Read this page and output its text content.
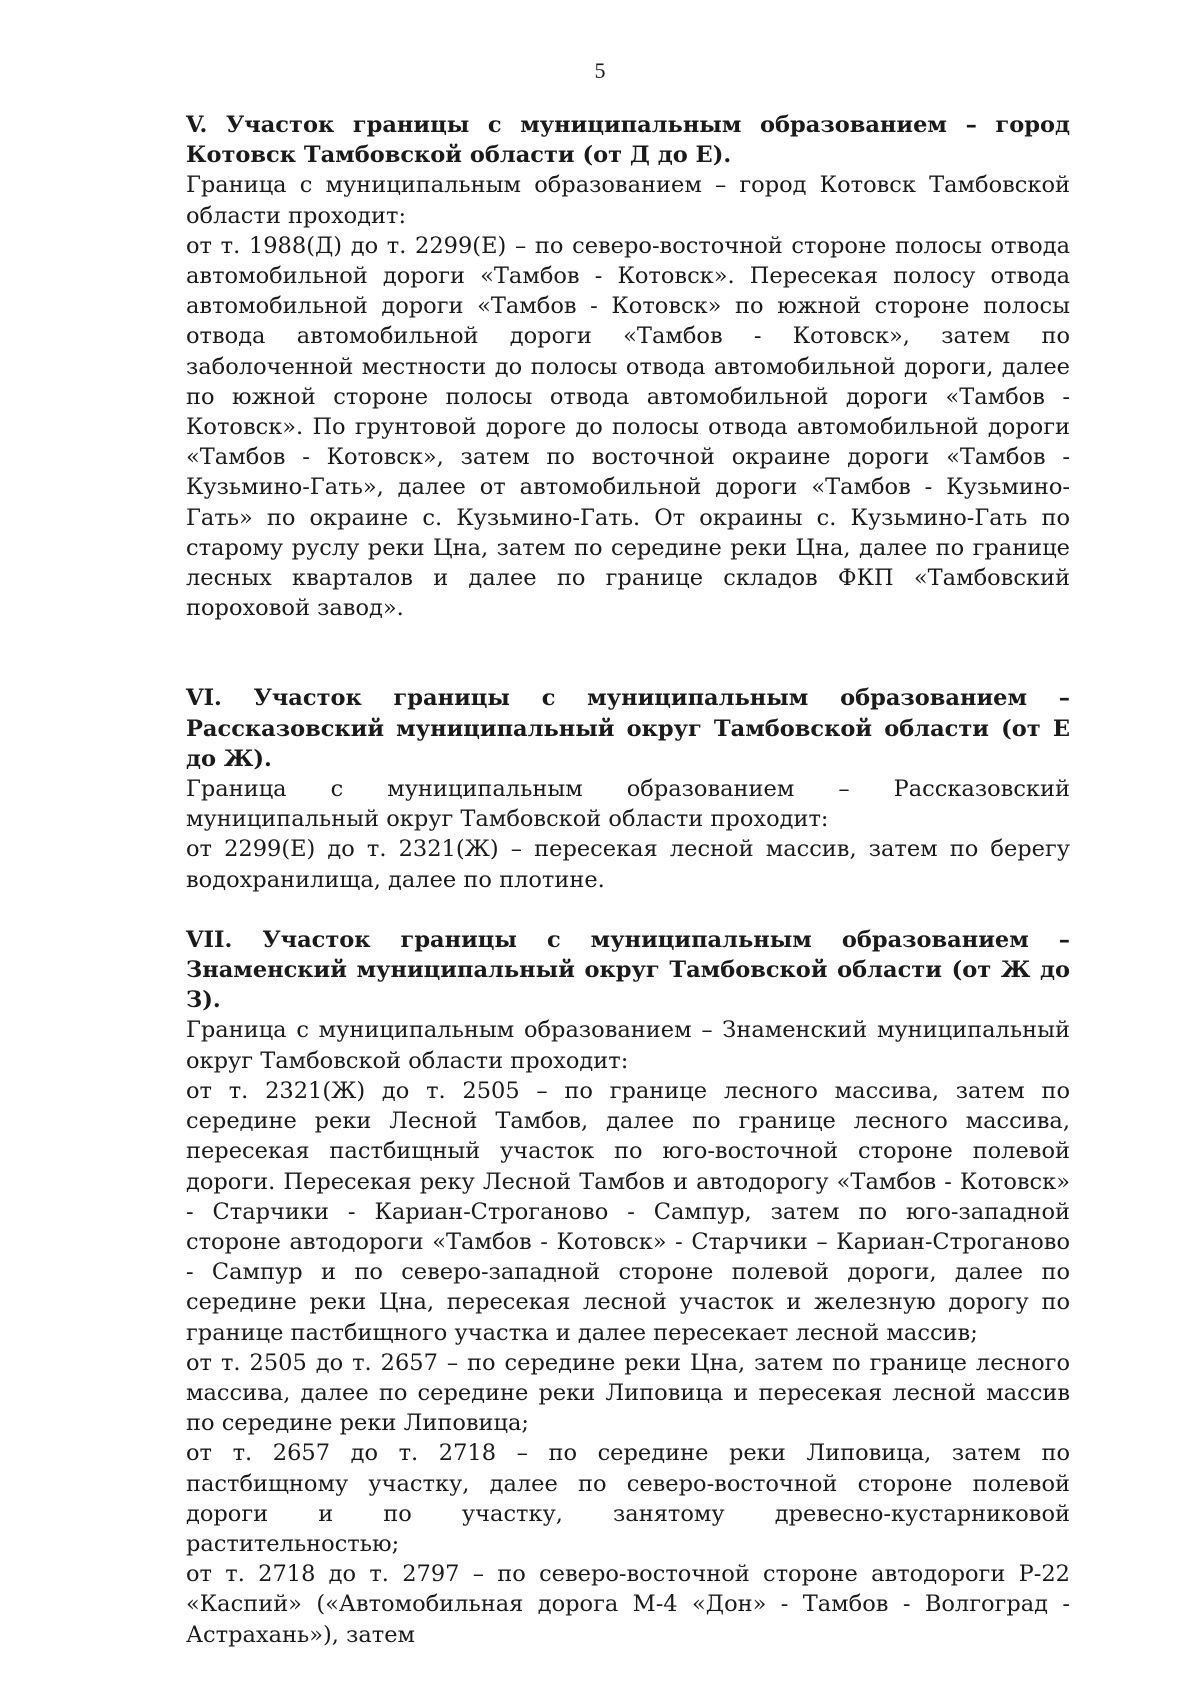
5

V. Участок границы с муниципальным образованием – город Котовск Тамбовской области (от Д до Е).

Граница с муниципальным образованием – город Котовск Тамбовской области проходит:

от т. 1988(Д) до т. 2299(Е) – по северо-восточной стороне полосы отвода автомобильной дороги «Тамбов - Котовск». Пересекая полосу отвода автомобильной дороги «Тамбов - Котовск» по южной стороне полосы отвода автомобильной дороги «Тамбов - Котовск», затем по заболоченной местности до полосы отвода автомобильной дороги, далее по южной стороне полосы отвода автомобильной дороги «Тамбов - Котовск». По грунтовой дороге до полосы отвода автомобильной дороги «Тамбов - Котовск», затем по восточной окраине дороги «Тамбов - Кузьмино-Гать», далее от автомобильной дороги «Тамбов - Кузьмино-Гать» по окраине с. Кузьмино-Гать. От окраины с. Кузьмино-Гать по старому руслу реки Цна, затем по середине реки Цна, далее по границе лесных кварталов и далее по границе складов ФКП «Тамбовский пороховой завод».

VI. Участок границы с муниципальным образованием – Рассказовский муниципальный округ Тамбовской области (от Е до Ж).

Граница с муниципальным образованием – Рассказовский муниципальный округ Тамбовской области проходит:

от 2299(Е) до т. 2321(Ж) – пересекая лесной массив, затем по берегу водохранилища, далее по плотине.

VII. Участок границы с муниципальным образованием – Знаменский муниципальный округ Тамбовской области (от Ж до З).

Граница с муниципальным образованием – Знаменский муниципальный округ Тамбовской области проходит:

от т. 2321(Ж) до т. 2505 – по границе лесного массива, затем по середине реки Лесной Тамбов, далее по границе лесного массива, пересекая пастбищный участок по юго-восточной стороне полевой дороги. Пересекая реку Лесной Тамбов и автодорогу «Тамбов - Котовск» - Старчики - Кариан-Строганово - Сампур, затем по юго-западной стороне автодороги «Тамбов - Котовск» - Старчики – Кариан-Строганово - Сампур и по северо-западной стороне полевой дороги, далее по середине реки Цна, пересекая лесной участок и железную дорогу по границе пастбищного участка и далее пересекает лесной массив;

от т. 2505 до т. 2657 – по середине реки Цна, затем по границе лесного массива, далее по середине реки Липовица и пересекая лесной массив по середине реки Липовица;

от т. 2657 до т. 2718 – по середине реки Липовица, затем по пастбищному участку, далее по северо-восточной стороне полевой дороги и по участку, занятому древесно-кустарниковой растительностью;

от т. 2718 до т. 2797 – по северо-восточной стороне автодороги Р-22 «Каспий» («Автомобильная дорога М-4 «Дон» - Тамбов - Волгоград - Астрахань»), затем
